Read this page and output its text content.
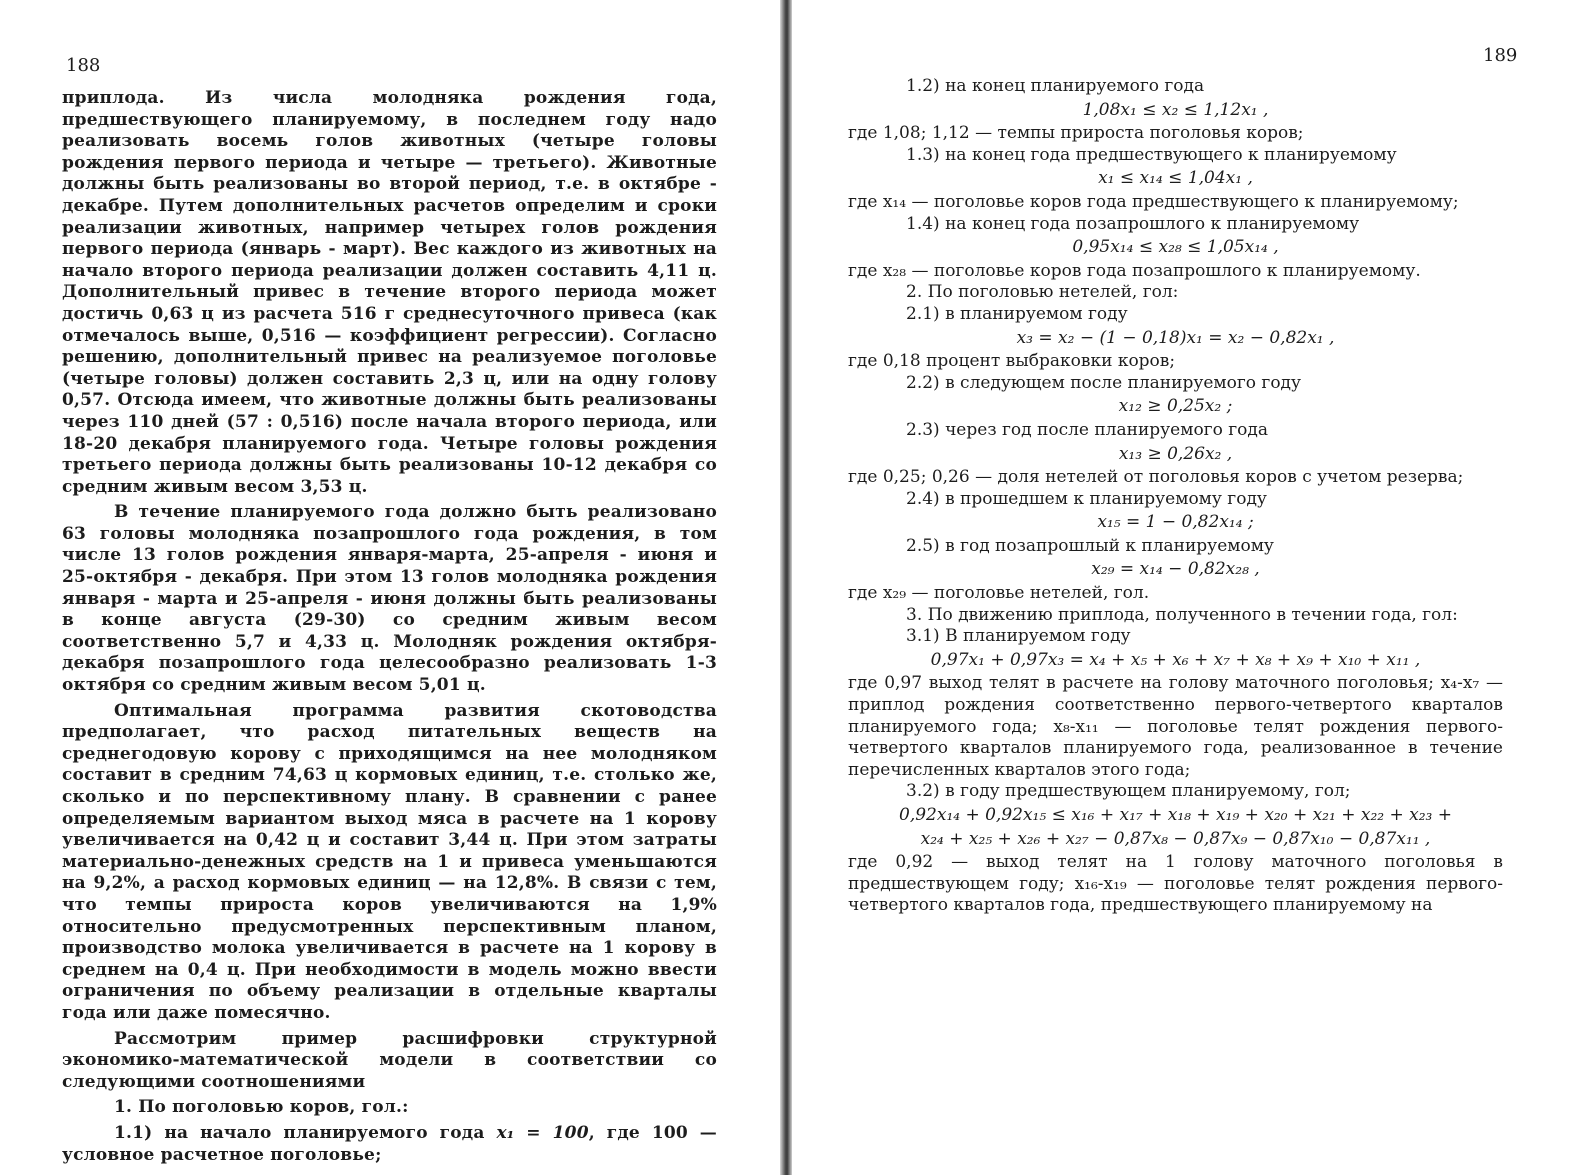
188	189

приплода. Из числа молодняка рождения года, предшествующего планируемому, в последнем году надо реализовать восемь голов животных (четыре головы рождения первого периода и четыре — третьего). Животные должны быть реализованы во второй период, т.е. в октябре - декабре. Путем дополнительных расчетов определим и сроки реализации животных, например четырех голов рождения первого периода (январь - март). Вес каждого из животных на начало второго периода реализации должен составить 4,11 ц. Дополнительный привес в течение второго периода может достичь 0,63 ц из расчета 516 г среднесуточного привеса (как отмечалось выше, 0,516 — коэффициент регрессии). Согласно решению, дополнительный привес на реализуемое поголовье (четыре головы) должен составить 2,3 ц, или на одну голову 0,57. Отсюда имеем, что животные должны быть реализованы через 110 дней (57 : 0,516) после начала второго периода, или 18-20 декабря планируемого года. Четыре головы рождения третьего периода должны быть реализованы 10-12 декабря со средним живым весом 3,53 ц.

В течение планируемого года должно быть реализовано 63 головы молодняка позапрошлого года рождения, в том числе 13 голов рождения января-марта, 25-апреля - июня и 25-октября - декабря. При этом 13 голов молодняка рождения января - марта и 25-апреля - июня должны быть реализованы в конце августа (29-30) со средним живым весом соответственно 5,7 и 4,33 ц. Молодняк рождения октября-декабря позапрошлого года целесообразно реализовать 1-3 октября со средним живым весом 5,01 ц.

Оптимальная программа развития скотоводства предполагает, что расход питательных веществ на среднегодовую корову с приходящимся на нее молодняком составит в средним 74,63 ц кормовых единиц, т.е. столько же, сколько и по перспективному плану. В сравнении с ранее определяемым вариантом выход мяса в расчете на 1 корову увеличивается на 0,42 ц и составит 3,44 ц. При этом затраты материально-денежных средств на 1 и привеса уменьшаются на 9,2%, а расход кормовых единиц — на 12,8%. В связи с тем, что темпы прироста коров увеличиваются на 1,9% относительно предусмотренных перспективным планом, производство молока увеличивается в расчете на 1 корову в среднем на 0,4 ц. При необходимости в модель можно ввести ограничения по объему реализации в отдельные кварталы года или даже помесячно.

Рассмотрим пример расшифровки структурной экономико-математической модели в соответствии со следующими соотношениями

1. По поголовью коров, гол.:

1.1) на начало планируемого года x₁ = 100, где 100 — условное расчетное поголовье;

1.2) на конец планируемого года

1,08x₁ ≤ x₂ ≤ 1,12x₁ ,

где 1,08; 1,12 — темпы прироста поголовья коров;

1.3) на конец года предшествующего к планируемому

x₁ ≤ x₁₄ ≤ 1,04x₁ ,

где x₁₄ — поголовье коров года предшествующего к планируемому;

1.4) на конец года позапрошлого к планируемому

0,95x₁₄ ≤ x₂₈ ≤ 1,05x₁₄ ,

где x₂₈ — поголовье коров года позапрошлого к планируемому.

2. По поголовью нетелей, гол:

2.1) в планируемом году

x₃ = x₂ − (1 − 0,18)x₁ = x₂ − 0,82x₁ ,

где 0,18 процент выбраковки коров;

2.2) в следующем после планируемого году

x₁₂ ≥ 0,25x₂ ;

2.3) через год после планируемого года

x₁₃ ≥ 0,26x₂ ,

где 0,25; 0,26 — доля нетелей от поголовья коров с учетом резерва;

2.4) в прошедшем к планируемому году

x₁₅ = 1 − 0,82x₁₄ ;

2.5) в год позапрошлый к планируемому

x₂₉ = x₁₄ − 0,82x₂₈ ,

где x₂₉ — поголовье нетелей, гол.

3. По движению приплода, полученного в течении года, гол:

3.1) В планируемом году

0,97x₁ + 0,97x₃ = x₄ + x₅ + x₆ + x₇ + x₈ + x₉ + x₁₀ + x₁₁ ,

где 0,97 выход телят в расчете на голову маточного поголовья; x₄-x₇ — приплод рождения соответственно первого-четвертого кварталов планируемого года; x₈-x₁₁ — поголовье телят рождения первого-четвертого кварталов планируемого года, реализованное в течение перечисленных кварталов этого года;

3.2) в году предшествующем планируемому, гол;

0,92x₁₄ + 0,92x₁₅ ≤ x₁₆ + x₁₇ + x₁₈ + x₁₉ + x₂₀ + x₂₁ + x₂₂ + x₂₃ +

x₂₄ + x₂₅ + x₂₆ + x₂₇ − 0,87x₈ − 0,87x₉ − 0,87x₁₀ − 0,87x₁₁ ,

где 0,92 — выход телят на 1 голову маточного поголовья в предшествующем году; x₁₆-x₁₉ — поголовье телят рождения первого-четвертого кварталов года, предшествующего планируемому на
